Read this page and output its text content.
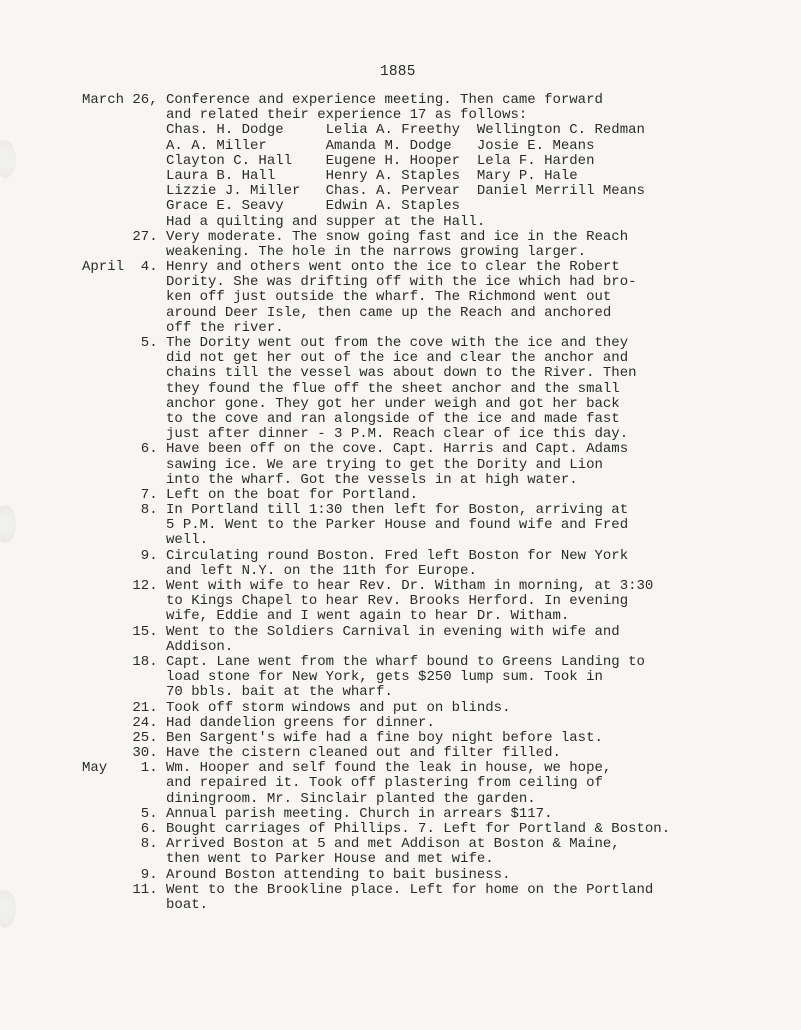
1885
March 26, Conference and experience meeting. Then came forward
and related their experience 17 as follows:
Chas. H. Dodge     Lelia A. Freethy  Wellington C. Redman
A. A. Miller       Amanda M. Dodge   Josie E. Means
Clayton C. Hall    Eugene H. Hooper  Lela F. Harden
Laura B. Hall      Henry A. Staples  Mary P. Hale
Lizzie J. Miller   Chas. A. Pervear  Daniel Merrill Means
Grace E. Seavy     Edwin A. Staples
Had a quilting and supper at the Hall.
27. Very moderate. The snow going fast and ice in the Reach
weakening. The hole in the narrows growing larger.
April  4. Henry and others went onto the ice to clear the Robert
Dority. She was drifting off with the ice which had bro-
ken off just outside the wharf. The Richmond went out
around Deer Isle, then came up the Reach and anchored
off the river.
5. The Dority went out from the cove with the ice and they
did not get her out of the ice and clear the anchor and
chains till the vessel was about down to the River. Then
they found the flue off the sheet anchor and the small
anchor gone. They got her under weigh and got her back
to the cove and ran alongside of the ice and made fast
just after dinner - 3 P.M. Reach clear of ice this day.
6. Have been off on the cove. Capt. Harris and Capt. Adams
sawing ice. We are trying to get the Dority and Lion
into the wharf. Got the vessels in at high water.
7. Left on the boat for Portland.
8. In Portland till 1:30 then left for Boston, arriving at
5 P.M. Went to the Parker House and found wife and Fred
well.
9. Circulating round Boston. Fred left Boston for New York
and left N.Y. on the 11th for Europe.
12. Went with wife to hear Rev. Dr. Witham in morning, at 3:30
to Kings Chapel to hear Rev. Brooks Herford. In evening
wife, Eddie and I went again to hear Dr. Witham.
15. Went to the Soldiers Carnival in evening with wife and
Addison.
18. Capt. Lane went from the wharf bound to Greens Landing to
load stone for New York, gets $250 lump sum. Took in
70 bbls. bait at the wharf.
21. Took off storm windows and put on blinds.
24. Had dandelion greens for dinner.
25. Ben Sargent's wife had a fine boy night before last.
30. Have the cistern cleaned out and filter filled.
May    1. Wm. Hooper and self found the leak in house, we hope,
and repaired it. Took off plastering from ceiling of
diningroom. Mr. Sinclair planted the garden.
5. Annual parish meeting. Church in arrears $117.
6. Bought carriages of Phillips. 7. Left for Portland & Boston.
8. Arrived Boston at 5 and met Addison at Boston & Maine,
then went to Parker House and met wife.
9. Around Boston attending to bait business.
11. Went to the Brookline place. Left for home on the Portland
boat.
